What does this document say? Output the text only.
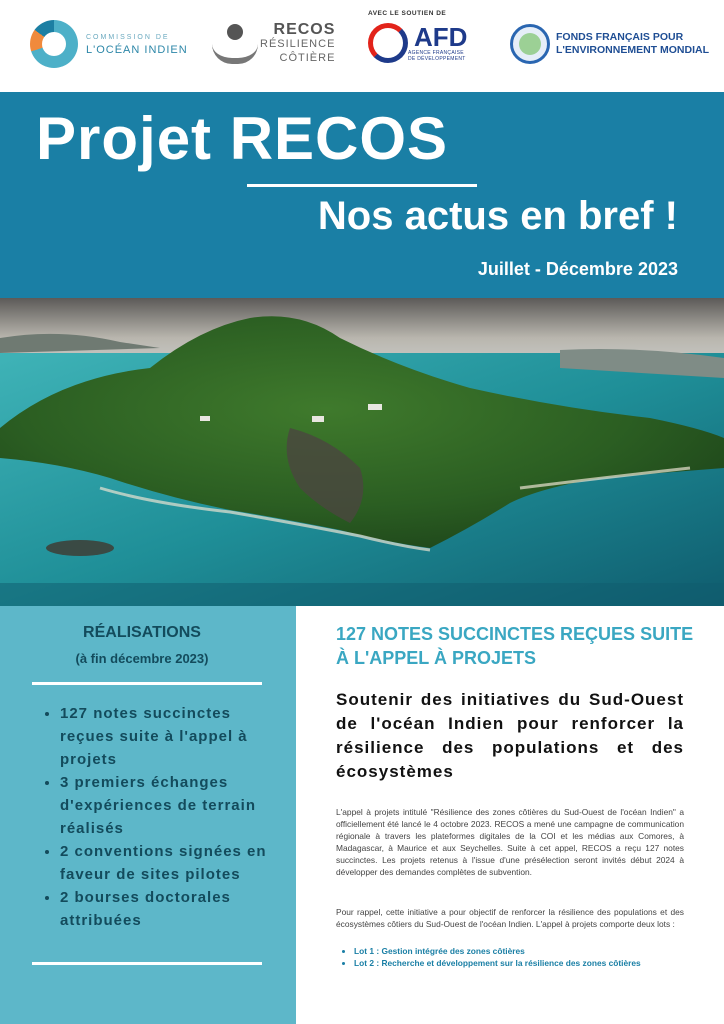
COMMISSION DE
L'OCÉAN INDIEN
RECOS
RÉSILIENCE
CÔTIÈRE
AVEC LE SOUTIEN DE
AFD
AGENCE FRANÇAISE
DE DÉVELOPPEMENT
FONDS FRANÇAIS POUR
L'ENVIRONNEMENT MONDIAL
Projet RECOS
Nos actus en bref !
Juillet - Décembre 2023
RÉALISATIONS
(à fin décembre 2023)
• 127 notes succinctes reçues suite à l'appel à projets
• 3 premiers échanges d'expériences de terrain réalisés
• 2 conventions signées en faveur de sites pilotes
• 2 bourses doctorales attribuées
127 NOTES SUCCINCTES REÇUES SUITE À L'APPEL À PROJETS
Soutenir des initiatives du Sud-Ouest de l'océan Indien pour renforcer la résilience des populations et des écosystèmes

L'appel à projets intitulé "Résilience des zones côtières du Sud-Ouest de l'océan Indien" a officiellement été lancé le 4 octobre 2023. RECOS a mené une campagne de communication régionale à travers les plateformes digitales de la COI et les médias aux Comores, à Madagascar, à Maurice et aux Seychelles. Suite à cet appel, RECOS a reçu 127 notes succinctes. Les projets retenus à l'issue d'une présélection seront invités début 2024 à développer des demandes complètes de subvention.

Pour rappel, cette initiative a pour objectif de renforcer la résilience des populations et des écosystèmes côtiers du Sud-Ouest de l'océan Indien. L'appel à projets comporte deux lots :

• Lot 1 : Gestion intégrée des zones côtières
• Lot 2 : Recherche et développement sur la résilience des zones côtières
